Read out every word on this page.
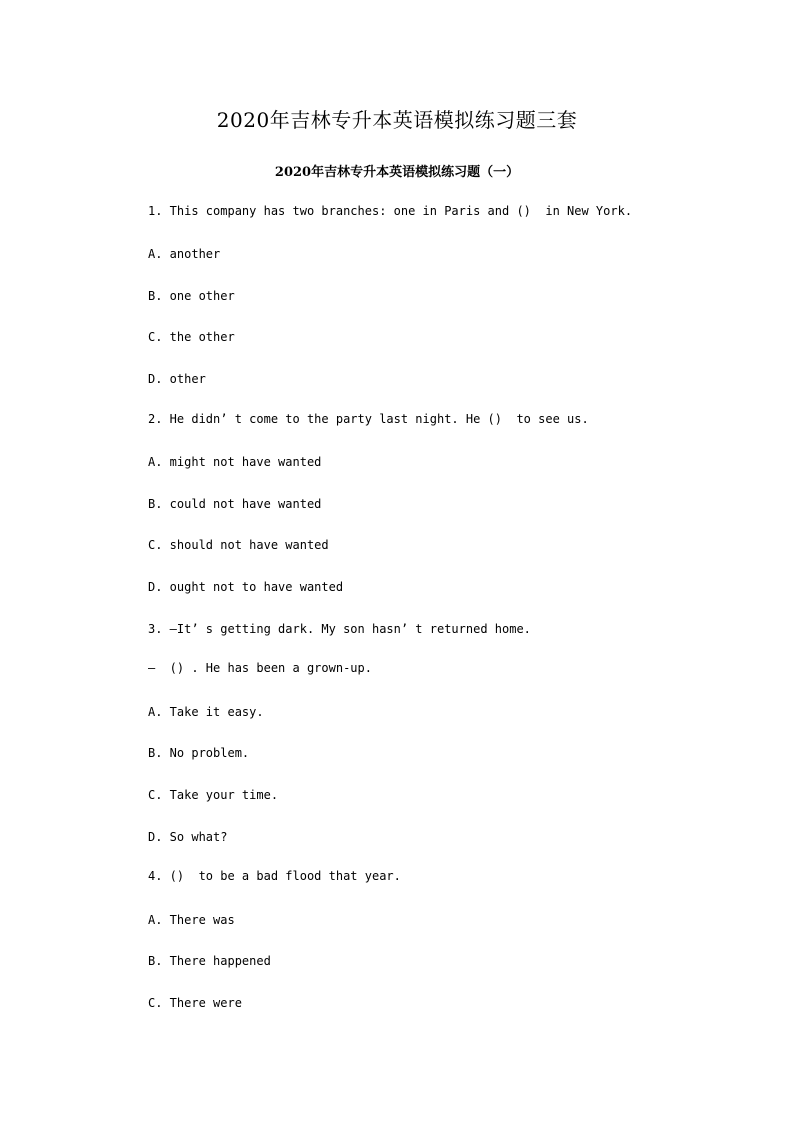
2020年吉林专升本英语模拟练习题三套
2020年吉林专升本英语模拟练习题（一）
1. This company has two branches: one in Paris and ()  in New York.
A. another
B. one other
C. the other
D. other
2. He didn’ t come to the party last night. He ()  to see us.
A. might not have wanted
B. could not have wanted
C. should not have wanted
D. ought not to have wanted
3. —It’ s getting dark. My son hasn’ t returned home.
—  () . He has been a grown-up.
A. Take it easy.
B. No problem.
C. Take your time.
D. So what?
4. ()  to be a bad flood that year.
A. There was
B. There happened
C. There were
